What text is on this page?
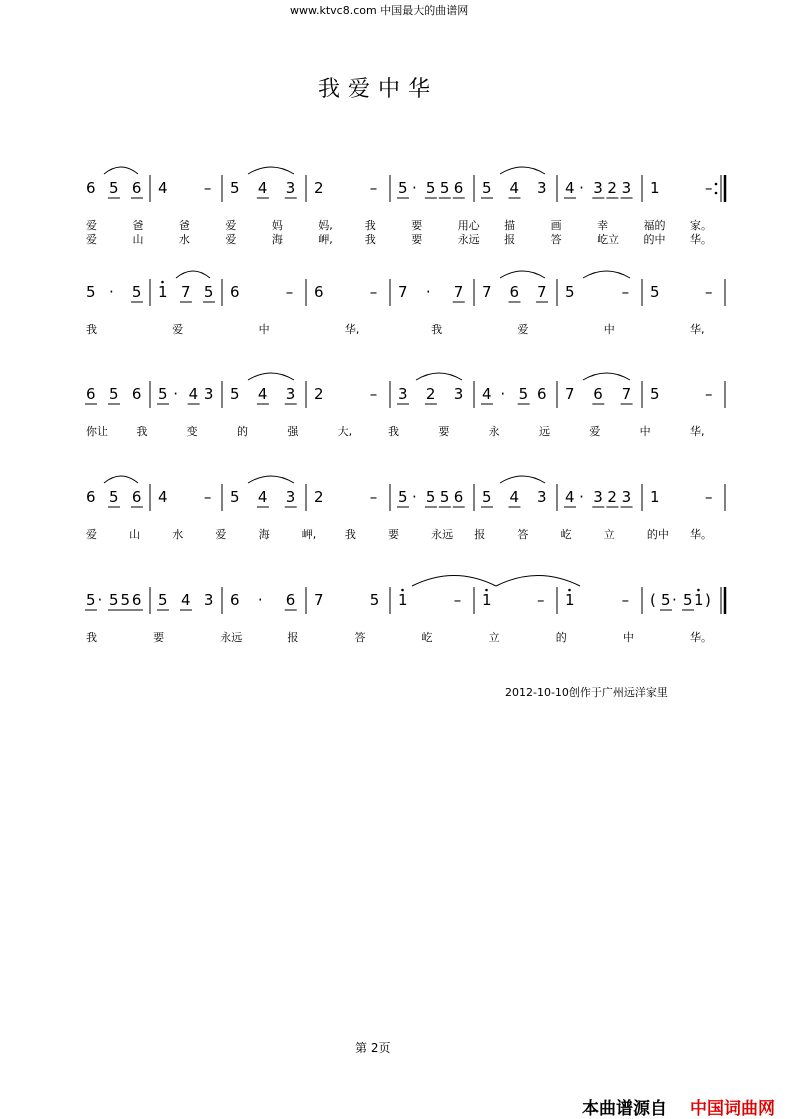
www.ktvc8.com 中国最大的曲谱网
我爱中华
6 5 6 4 – 5 4 3 2	– 5 · 5 5 6 5 4 3 4 · 3 2 3 1	–
爱	爸	爸	爱	妈	妈,	我	要	用心 描	画	幸	福的 家。
爱	山	水	爱	海	岬,	我	要	永远 报	答	屹立 的中 华。
5 · 5 1 7 5 6	– 6	– 7 · 7 7 6 7 5	– 5	–
我	爱	中	华,	我	爱	中	华,
6 5 6 5 · 4 3 5 4 3 2	– 3 2 3 4 · 5 6 7 6 7 5	–
你让	我	变	的	强	大,	我	要	永	远	爱	中	华,
6 5 6 4 – 5 4 3 2	– 5 · 5 5 6 5 4 3 4 · 3 2 3 1	–
爱	山	水	爱	海	岬,	我	要	永远 报	答	屹	立	的中 华。
5 · 5 5 6 5 4 3 6 · 6 7	5 1	– 1	– 1	– ( 5 · 5 1 )
我	要	永远	报	答	屹	立	的	中	华。
2012-10-10创作于广州远洋家里
第 2页
本曲谱源自 中国词曲网
